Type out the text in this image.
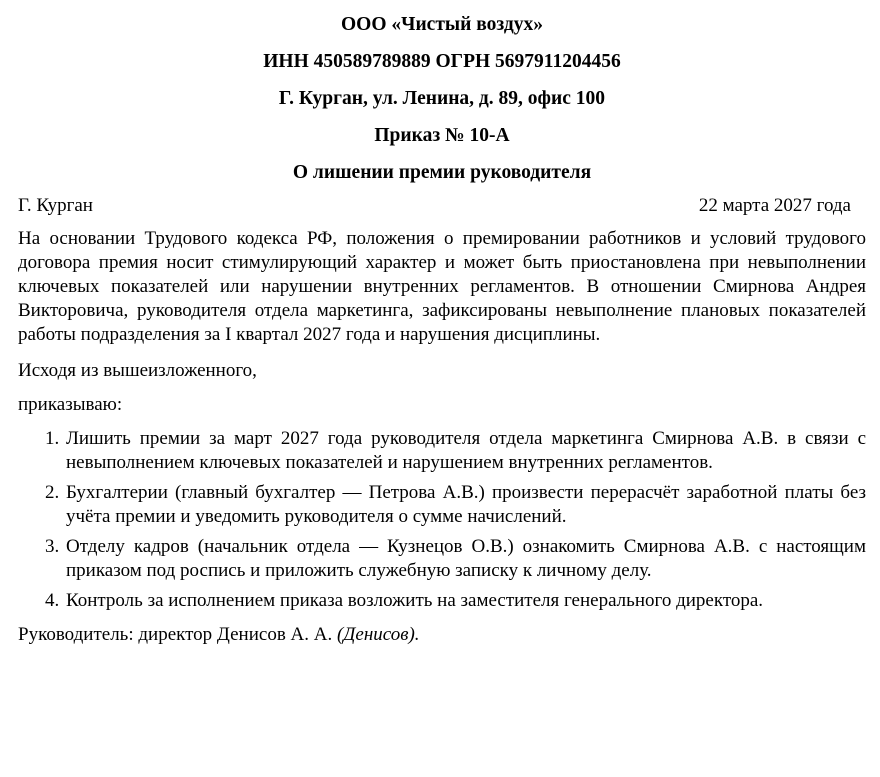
ООО «Чистый воздух»
ИНН 450589789889 ОГРН 5697911204456
Г. Курган, ул. Ленина, д. 89, офис 100
Приказ № 10-А
О лишении премии руководителя
Г. Курган	22 марта 2027 года
На основании Трудового кодекса РФ, положения о премировании работников и условий трудового договора премия носит стимулирующий характер и может быть приостановлена при невыполнении ключевых показателей или нарушении внутренних регламентов. В отношении Смирнова Андрея Викторовича, руководителя отдела маркетинга, зафиксированы невыполнение плановых показателей работы подразделения за I квартал 2027 года и нарушения дисциплины.
Исходя из вышеизложенного,
приказываю:
1. Лишить премии за март 2027 года руководителя отдела маркетинга Смирнова А.В. в связи с невыполнением ключевых показателей и нарушением внутренних регламентов.
2. Бухгалтерии (главный бухгалтер — Петрова А.В.) произвести перерасчёт заработной платы без учёта премии и уведомить руководителя о сумме начислений.
3. Отделу кадров (начальник отдела — Кузнецов О.В.) ознакомить Смирнова А.В. с настоящим приказом под роспись и приложить служебную записку к личному делу.
4. Контроль за исполнением приказа возложить на заместителя генерального директора.
Руководитель: директор Денисов А. А. (Денисов).
